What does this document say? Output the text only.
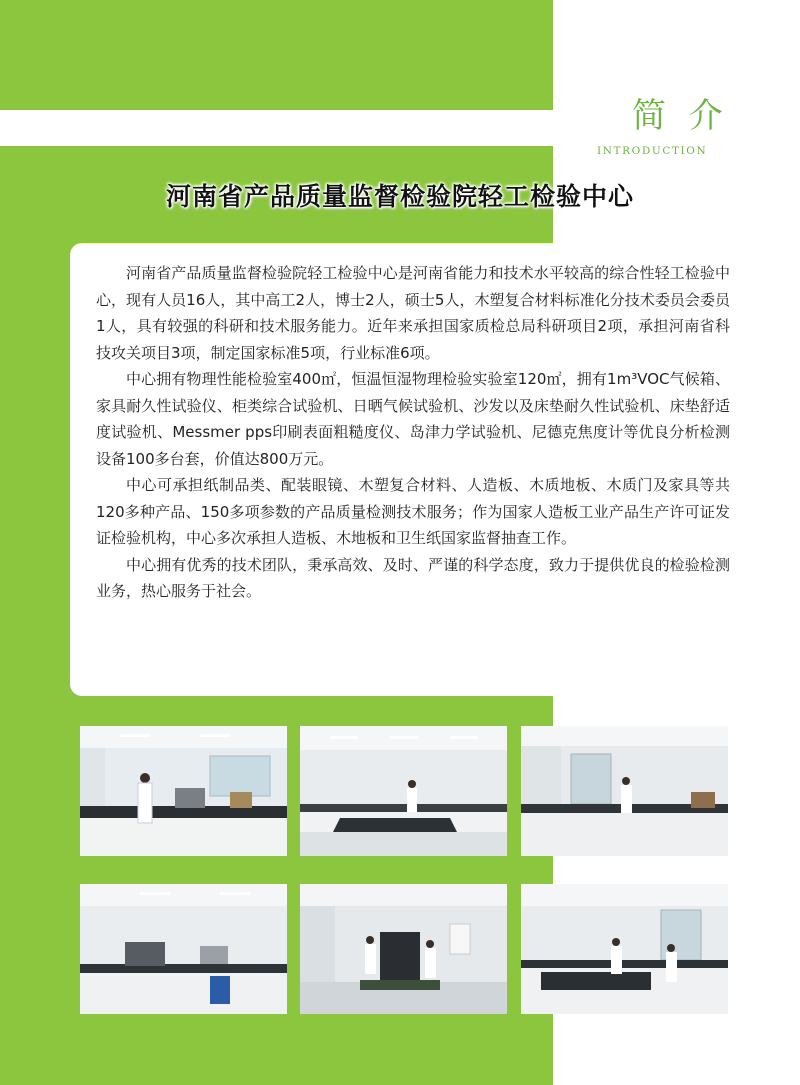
简 介
INTRODUCTION
河南省产品质量监督检验院轻工检验中心

河南省产品质量监督检验院轻工检验中心是河南省能力和技术水平较高的综合性轻工检验中心，现有人员16人，其中高工2人，博士2人，硕士5人，木塑复合材料标准化分技术委员会委员1人，具有较强的科研和技术服务能力。近年来承担国家质检总局科研项目2项，承担河南省科技攻关项目3项，制定国家标准5项，行业标准6项。

中心拥有物理性能检验室400㎡，恒温恒湿物理检验实验室120㎡，拥有1m³VOC气候箱、家具耐久性试验仪、柜类综合试验机、日晒气候试验机、沙发以及床垫耐久性试验机、床垫舒适度试验机、Messmer pps印刷表面粗糙度仪、岛津力学试验机、尼德克焦度计等优良分析检测设备100多台套，价值达800万元。

中心可承担纸制品类、配装眼镜、木塑复合材料、人造板、木质地板、木质门及家具等共120多种产品、150多项参数的产品质量检测技术服务；作为国家人造板工业产品生产许可证发证检验机构，中心多次承担人造板、木地板和卫生纸国家监督抽查工作。

中心拥有优秀的技术团队，秉承高效、及时、严谨的科学态度，致力于提供优良的检验检测业务，热心服务于社会。
